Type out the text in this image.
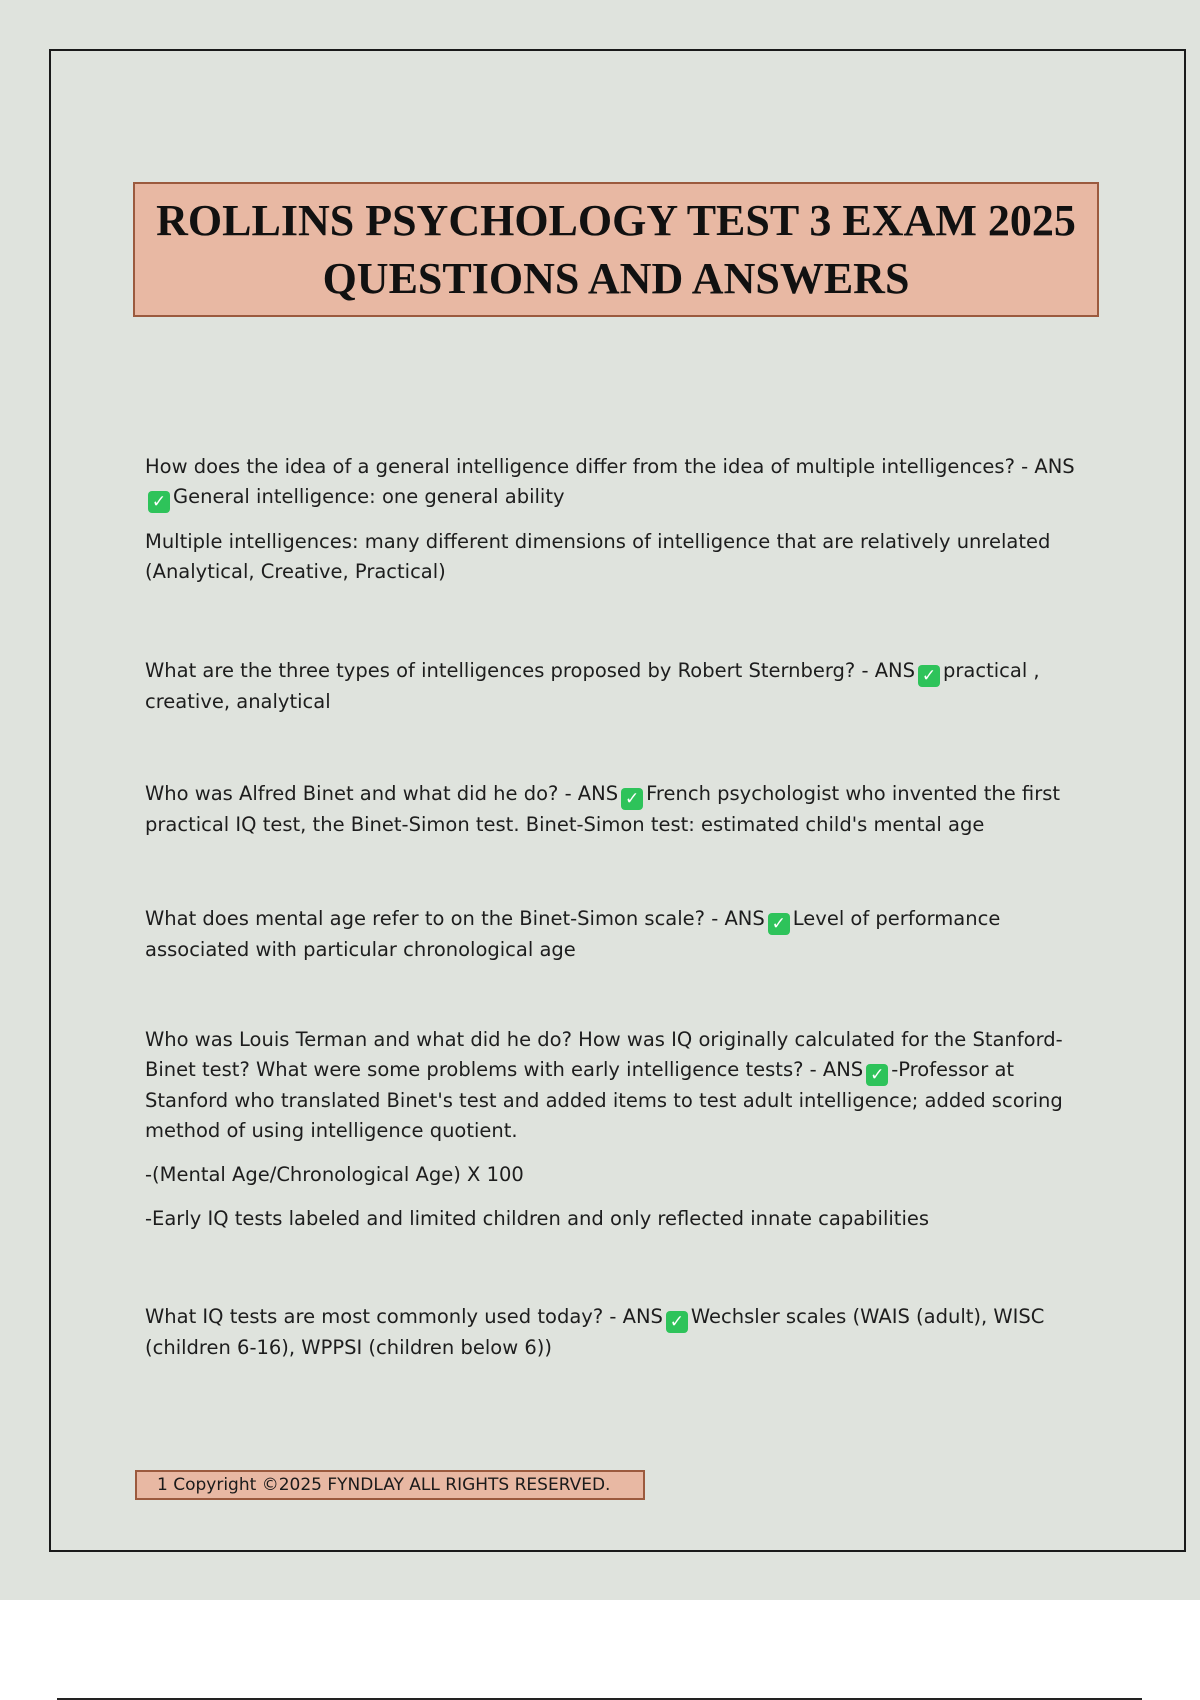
ROLLINS PSYCHOLOGY TEST 3 EXAM 2025 QUESTIONS AND ANSWERS

How does the idea of a general intelligence differ from the idea of multiple intelligences? - ANS✓ General intelligence: one general ability

Multiple intelligences: many different dimensions of intelligence that are relatively unrelated (Analytical, Creative, Practical)

What are the three types of intelligences proposed by Robert Sternberg? - ANS ✓ practical , creative, analytical

Who was Alfred Binet and what did he do? - ANS ✓ French psychologist who invented the first practical IQ test, the Binet-Simon test. Binet-Simon test: estimated child's mental age

What does mental age refer to on the Binet-Simon scale? - ANS ✓ Level of performance associated with particular chronological age

Who was Louis Terman and what did he do? How was IQ originally calculated for the Stanford-Binet test? What were some problems with early intelligence tests? - ANS ✓ -Professor at Stanford who translated Binet's test and added items to test adult intelligence; added scoring method of using intelligence quotient.

-(Mental Age/Chronological Age) X 100

-Early IQ tests labeled and limited children and only reflected innate capabilities

What IQ tests are most commonly used today? - ANS ✓ Wechsler scales (WAIS (adult), WISC (children 6-16), WPPSI (children below 6))

1 Copyright ©2025 FYNDLAY ALL RIGHTS RESERVED.
